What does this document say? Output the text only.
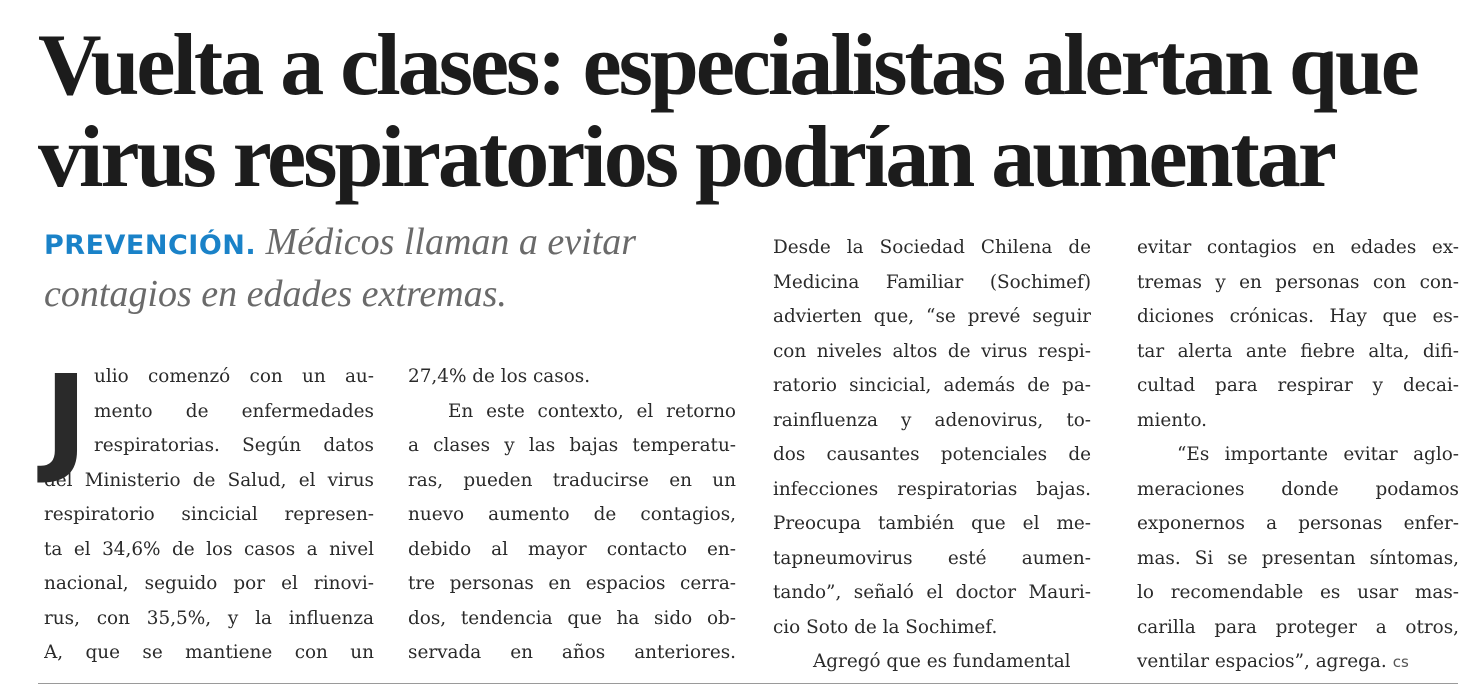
Vuelta a clases: especialistas alertan que
virus respiratorios podrían aumentar

PREVENCIÓN. Médicos llaman a evitar
contagios en edades extremas.

J ulio comenzó con un au-
mento de enfermedades
respiratorias. Según datos
del Ministerio de Salud, el virus
respiratorio sincicial represen-
ta el 34,6% de los casos a nivel
nacional, seguido por el rinovi-
rus, con 35,5%, y la influenza
A, que se mantiene con un
27,4% de los casos.
En este contexto, el retorno
a clases y las bajas temperatu-
ras, pueden traducirse en un
nuevo aumento de contagios,
debido al mayor contacto en-
tre personas en espacios cerra-
dos, tendencia que ha sido ob-
servada en años anteriores.
Desde la Sociedad Chilena de
Medicina Familiar (Sochimef)
advierten que, “se prevé seguir
con niveles altos de virus respi-
ratorio sincicial, además de pa-
rainfluenza y adenovirus, to-
dos causantes potenciales de
infecciones respiratorias bajas.
Preocupa también que el me-
tapneumovirus esté aumen-
tando”, señaló el doctor Mauri-
cio Soto de la Sochimef.
Agregó que es fundamental
evitar contagios en edades ex-
tremas y en personas con con-
diciones crónicas. Hay que es-
tar alerta ante fiebre alta, difi-
cultad para respirar y decai-
miento.
“Es importante evitar aglo-
meraciones donde podamos
exponernos a personas enfer-
mas. Si se presentan síntomas,
lo recomendable es usar mas-
carilla para proteger a otros,
ventilar espacios”, agrega. cs
